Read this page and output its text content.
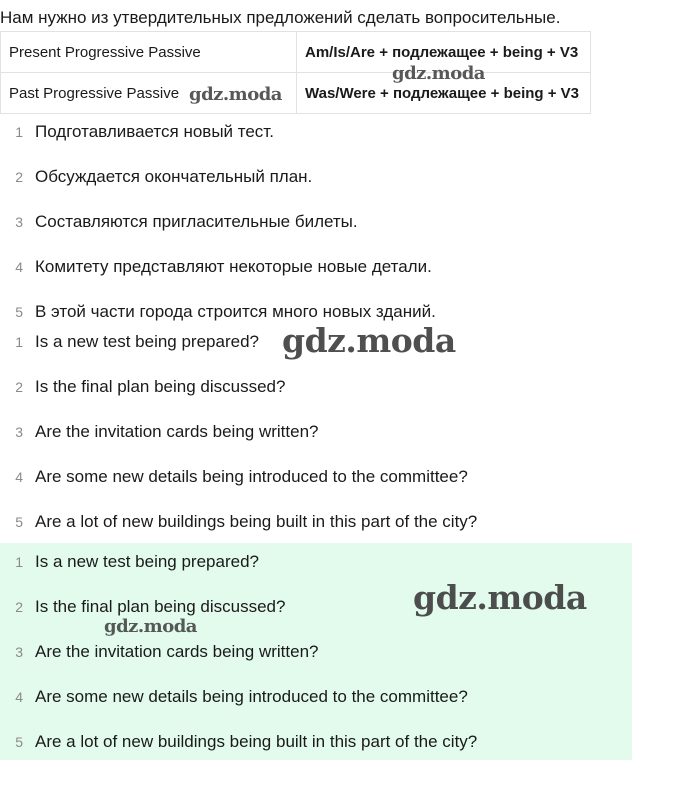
Нам нужно из утвердительных предложений сделать вопросительные.
Present Progressive Passive	Am/Is/Are + подлежащее + being + V3
Past Progressive Passive	Was/Were + подлежащее + being + V3
1 Подготавливается новый тест.
2 Обсуждается окончательный план.
3 Составляются пригласительные билеты.
4 Комитету представляют некоторые новые детали.
5 В этой части города строится много новых зданий.
1 Is a new test being prepared?
2 Is the final plan being discussed?
3 Are the invitation cards being written?
4 Are some new details being introduced to the committee?
5 Are a lot of new buildings being built in this part of the city?
1 Is a new test being prepared?
2 Is the final plan being discussed?
3 Are the invitation cards being written?
4 Are some new details being introduced to the committee?
5 Are a lot of new buildings being built in this part of the city?
gdz.moda
gdz.moda
gdz.moda
gdz.moda
gdz.moda
